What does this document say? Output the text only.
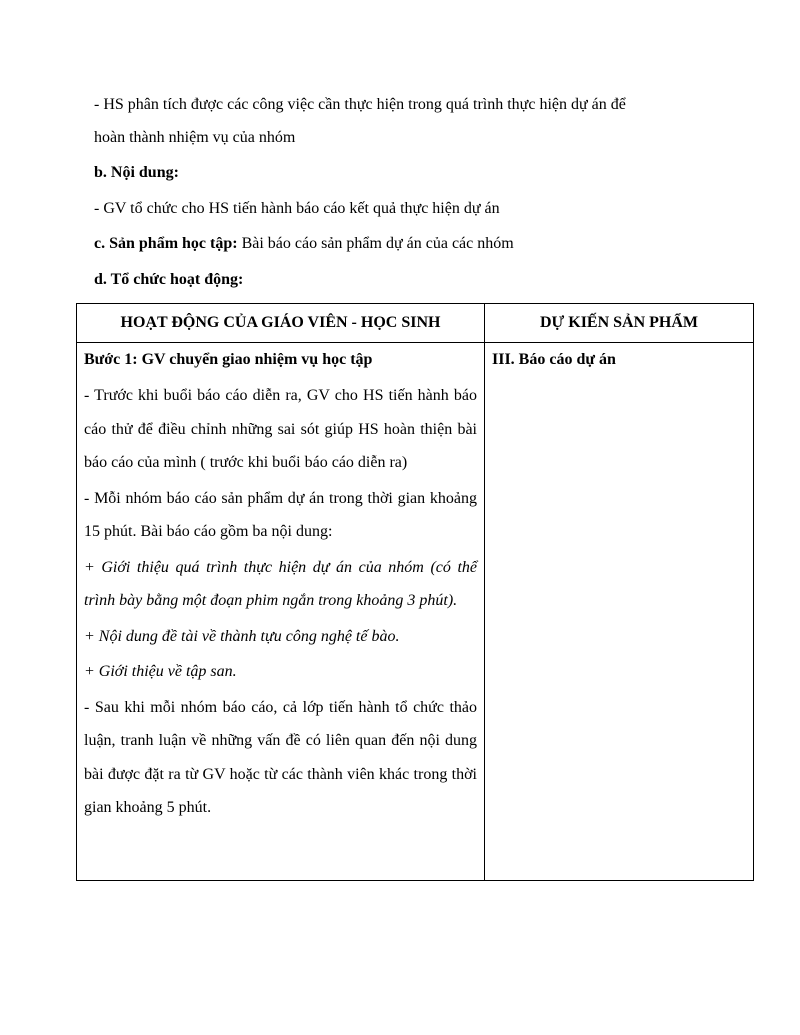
- HS phân tích được các công việc cần thực hiện trong quá trình thực hiện dự án để
hoàn thành nhiệm vụ của nhóm
b. Nội dung:
- GV tổ chức cho HS tiến hành báo cáo kết quả thực hiện dự án
c. Sản phẩm học tập: Bài báo cáo sản phẩm dự án của các nhóm
d. Tổ chức hoạt động:
HOẠT ĐỘNG CỦA GIÁO VIÊN - HỌC SINH	DỰ KIẾN SẢN PHẨM

Bước 1: GV chuyển giao nhiệm vụ học tập

- Trước khi buổi báo cáo diễn ra, GV cho HS tiến hành báo cáo thử để điều chỉnh những sai sót giúp HS hoàn thiện bài báo cáo của mình ( trước khi buổi báo cáo diễn ra)

- Mỗi nhóm báo cáo sản phẩm dự án trong thời gian khoảng 15 phút. Bài báo cáo gồm ba nội dung:

+ Giới thiệu quá trình thực hiện dự án của nhóm (có thể trình bày bằng một đoạn phim ngắn trong khoảng 3 phút).

+ Nội dung đề tài về thành tựu công nghệ tế bào.

+ Giới thiệu về tập san.

- Sau khi mỗi nhóm báo cáo, cả lớp tiến hành tổ chức thảo luận, tranh luận về những vấn đề có liên quan đến nội dung bài được đặt ra từ GV hoặc từ các thành viên khác trong thời gian khoảng 5 phút.

III. Báo cáo dự án
